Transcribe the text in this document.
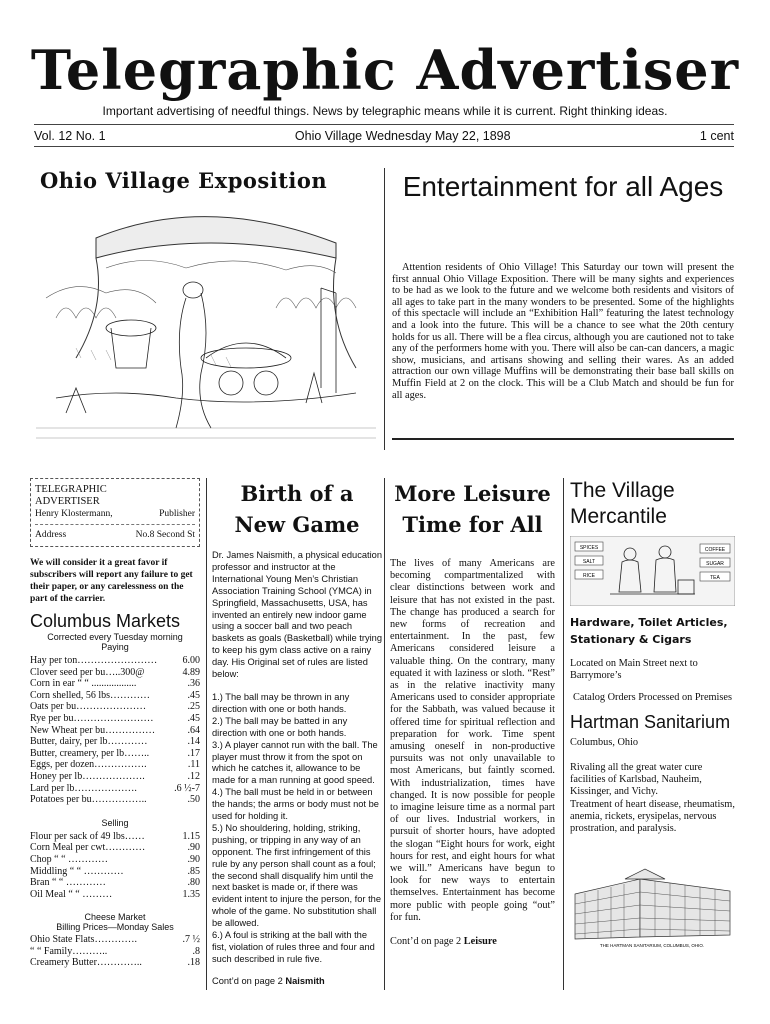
Telegraphic Advertiser
Important advertising of needful things. News by telegraphic means while it is current. Right thinking ideas.
Vol. 12 No. 1	Ohio Village Wednesday May 22, 1898	1 cent
Ohio Village Exposition	Entertainment for all Ages
Attention residents of Ohio Village! This Saturday our town will present the first annual Ohio Village Exposition. There will be many sights and experiences to be had as we look to the future and we welcome both residents and visitors of all ages to take part in the many wonders to be presented. Some of the highlights of this spectacle will include an “Exhibition Hall” featuring the latest technology and a look into the future. This will be a chance to see what the 20th century holds for us all. There will be a flea circus, although you are cautioned not to take any of the performers home with you. There will also be can-can dancers, a magic show, musicians, and artisans showing and selling their wares. As an added attraction our own village Muffins will be demonstrating their base ball skills on Muffin Field at 2 on the clock. This will be a Club Match and should be fun for all ages.
TELEGRAPHIC
ADVERTISER
Henry Klostermann,	Publisher
Address	No.8 Second St
We will consider it a great favor if subscribers will report any failure to get their paper, or any carelessness on the part of the carrier.
Columbus Markets
Corrected every Tuesday morning
Paying
Hay per ton……………………	6.00
Clover seed per bu…..300@	4.89
Corn in ear “ “ ..................	.36
Corn shelled, 56 lbs…………	.45
Oats per bu…………………	.25
Rye per bu……………………	.45
New Wheat per bu……………	.64
Butter, dairy, per lb…………	.14
Butter, creamery, per lb……..	.17
Eggs, per dozen…………….	.11
Honey per lb……………….	.12
Lard per lb……………….	.6 ½-7
Potatoes per bu……………..	.50
Selling
Flour per sack of 49 lbs……	1.15
Corn Meal per cwt…………	.90
Chop “ “ …………	.90
Middling “ “ …………	.85
Bran “ “ …………	.80
Oil Meal “ “ ………	1.35
Cheese Market
Billing Prices—Monday Sales
Ohio State Flats………….	.7 ½
“ “ Family………..	.8
Creamery Butter…………..	.18
Birth of a New Game
Dr. James Naismith, a physical education professor and instructor at the International Young Men’s Christian Association Training School (YMCA) in Springfield, Massachusetts, USA, has invented an entirely new indoor game using a soccer ball and two peach baskets as goals (Basketball) while trying to keep his gym class active on a rainy day. His Original set of rules are listed below:
1.) The ball may be thrown in any direction with one or both hands.
2.) The ball may be batted in any direction with one or both hands.
3.) A player cannot run with the ball. The player must throw it from the spot on which he catches it, allowance to be made for a man running at good speed.
4.) The ball must be held in or between the hands; the arms or body must not be used for holding it.
5.) No shouldering, holding, striking, pushing, or tripping in any way of an opponent. The first infringement of this rule by any person shall count as a foul; the second shall disqualify him until the next basket is made or, if there was evident intent to injure the person, for the whole of the game. No substitution shall be allowed.
6.) A foul is striking at the ball with the fist, violation of rules three and four and such described in rule five.
Cont’d on page 2 Naismith
More Leisure Time for All
The lives of many Americans are becoming compartmentalized with clear distinctions between work and leisure that has not existed in the past. The change has produced a search for new forms of recreation and entertainment. In the past, few Americans considered leisure a valuable thing. On the contrary, many equated it with laziness or sloth. “Rest” as in the relative inactivity many Americans used to consider appropriate for the Sabbath, was valued because it offered time for spiritual reflection and preparation for work. Time spent amusing oneself in non-productive pursuits was not only unavailable to most Americans, but faintly scorned. With industrialization, times have changed. It is now possible for people to imagine leisure time as a normal part of our lives. Industrial workers, in pursuit of shorter hours, have adopted the slogan “Eight hours for work, eight hours for rest, and eight hours for what we will.” Americans have begun to look for new ways to entertain themselves. Entertainment has become more public with people going “out” for fun.
Cont’d on page 2 Leisure
The Village Mercantile
SPICES
SALT
RICE
COFFEE
SUGAR
TEA
Hardware, Toilet Articles, Stationary & Cigars
Located on Main Street next to Barrymore’s
Catalog Orders Processed on Premises
Hartman Sanitarium
Columbus, Ohio
Rivaling all the great water cure facilities of Karlsbad, Nauheim, Kissinger, and Vichy.
Treatment of heart disease, rheumatism, anemia, rickets, erysipelas, nervous prostration, and paralysis.
THE HARTMAN SANITARIUM, COLUMBUS, OHIO.
